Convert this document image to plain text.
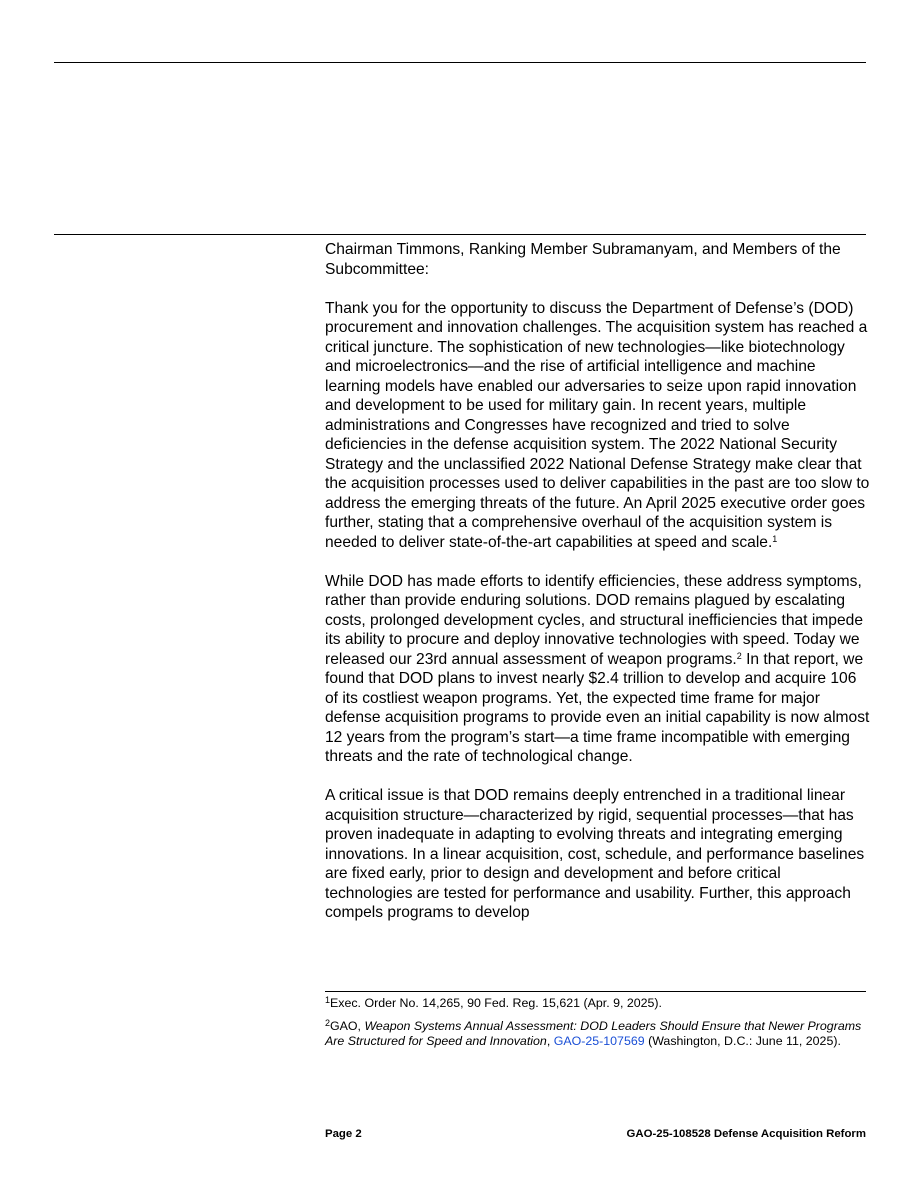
Chairman Timmons, Ranking Member Subramanyam, and Members of the Subcommittee:

Thank you for the opportunity to discuss the Department of Defense’s (DOD) procurement and innovation challenges. The acquisition system has reached a critical juncture. The sophistication of new technologies—like biotechnology and microelectronics—and the rise of artificial intelligence and machine learning models have enabled our adversaries to seize upon rapid innovation and development to be used for military gain. In recent years, multiple administrations and Congresses have recognized and tried to solve deficiencies in the defense acquisition system. The 2022 National Security Strategy and the unclassified 2022 National Defense Strategy make clear that the acquisition processes used to deliver capabilities in the past are too slow to address the emerging threats of the future. An April 2025 executive order goes further, stating that a comprehensive overhaul of the acquisition system is needed to deliver state-of-the-art capabilities at speed and scale.$^1$

While DOD has made efforts to identify efficiencies, these address symptoms, rather than provide enduring solutions. DOD remains plagued by escalating costs, prolonged development cycles, and structural inefficiencies that impede its ability to procure and deploy innovative technologies with speed. Today we released our 23rd annual assessment of weapon programs.$^2$ In that report, we found that DOD plans to invest nearly $2.4 trillion to develop and acquire 106 of its costliest weapon programs. Yet, the expected time frame for major defense acquisition programs to provide even an initial capability is now almost 12 years from the program’s start—a time frame incompatible with emerging threats and the rate of technological change.

A critical issue is that DOD remains deeply entrenched in a traditional linear acquisition structure—characterized by rigid, sequential processes—that has proven inadequate in adapting to evolving threats and integrating emerging innovations. In a linear acquisition, cost, schedule, and performance baselines are fixed early, prior to design and development and before critical technologies are tested for performance and usability. Further, this approach compels programs to develop

$^1$Exec. Order No. 14,265, 90 Fed. Reg. 15,621 (Apr. 9, 2025).

$^2$GAO, Weapon Systems Annual Assessment: DOD Leaders Should Ensure that Newer Programs Are Structured for Speed and Innovation, GAO-25-107569 (Washington, D.C.: June 11, 2025).

Page 2	GAO-25-108528 Defense Acquisition Reform
